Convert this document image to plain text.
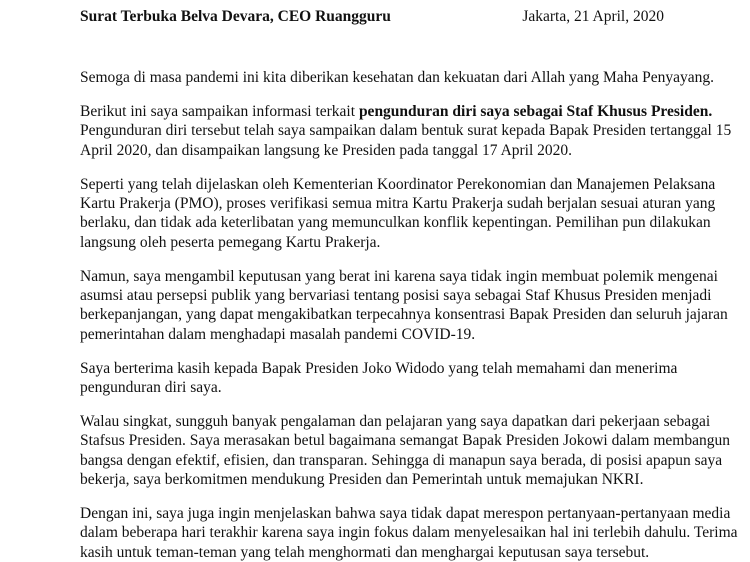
Surat Terbuka Belva Devara, CEO Ruangguru	Jakarta, 21 April, 2020
Semoga di masa pandemi ini kita diberikan kesehatan dan kekuatan dari Allah yang Maha Penyayang.
Berikut ini saya sampaikan informasi terkait pengunduran diri saya sebagai Staf Khusus Presiden.
Pengunduran diri tersebut telah saya sampaikan dalam bentuk surat kepada Bapak Presiden tertanggal 15
April 2020, dan disampaikan langsung ke Presiden pada tanggal 17 April 2020.
Seperti yang telah dijelaskan oleh Kementerian Koordinator Perekonomian dan Manajemen Pelaksana
Kartu Prakerja (PMO), proses verifikasi semua mitra Kartu Prakerja sudah berjalan sesuai aturan yang
berlaku, dan tidak ada keterlibatan yang memunculkan konflik kepentingan. Pemilihan pun dilakukan
langsung oleh peserta pemegang Kartu Prakerja.
Namun, saya mengambil keputusan yang berat ini karena saya tidak ingin membuat polemik mengenai
asumsi atau persepsi publik yang bervariasi tentang posisi saya sebagai Staf Khusus Presiden menjadi
berkepanjangan, yang dapat mengakibatkan terpecahnya konsentrasi Bapak Presiden dan seluruh jajaran
pemerintahan dalam menghadapi masalah pandemi COVID-19.
Saya berterima kasih kepada Bapak Presiden Joko Widodo yang telah memahami dan menerima
pengunduran diri saya.
Walau singkat, sungguh banyak pengalaman dan pelajaran yang saya dapatkan dari pekerjaan sebagai
Stafsus Presiden. Saya merasakan betul bagaimana semangat Bapak Presiden Jokowi dalam membangun
bangsa dengan efektif, efisien, dan transparan. Sehingga di manapun saya berada, di posisi apapun saya
bekerja, saya berkomitmen mendukung Presiden dan Pemerintah untuk memajukan NKRI.
Dengan ini, saya juga ingin menjelaskan bahwa saya tidak dapat merespon pertanyaan-pertanyaan media
dalam beberapa hari terakhir karena saya ingin fokus dalam menyelesaikan hal ini terlebih dahulu. Terima
kasih untuk teman-teman yang telah menghormati dan menghargai keputusan saya tersebut.
